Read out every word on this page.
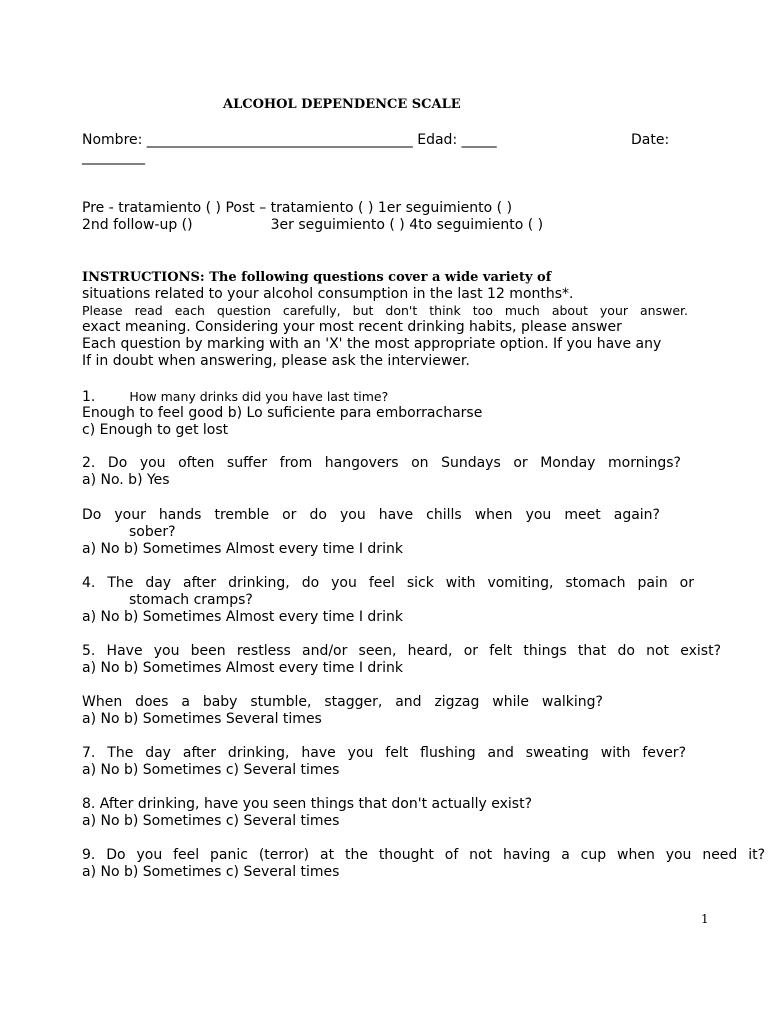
ALCOHOL DEPENDENCE SCALE
Nombre: ______________________________________ Edad: _____	Date:
_________
Pre - tratamiento ( ) Post – tratamiento ( ) 1er seguimiento ( )
2nd follow-up ()	3er seguimiento ( ) 4to seguimiento ( )
INSTRUCTIONS: The following questions cover a wide variety of
situations related to your alcohol consumption in the last 12 months*.
Please read each question carefully, but don't think too much about your answer.
exact meaning. Considering your most recent drinking habits, please answer
Each question by marking with an 'X' the most appropriate option. If you have any
If in doubt when answering, please ask the interviewer.
1.	How many drinks did you have last time?
Enough to feel good b) Lo suficiente para emborracharse
c) Enough to get lost
2. Do you often suffer from hangovers on Sundays or Monday mornings?
a) No. b) Yes
Do your hands tremble or do you have chills when you meet again?
sober?
a) No b) Sometimes Almost every time I drink
4. The day after drinking, do you feel sick with vomiting, stomach pain or
stomach cramps?
a) No b) Sometimes Almost every time I drink
5. Have you been restless and/or seen, heard, or felt things that do not exist?
a) No b) Sometimes Almost every time I drink
When does a baby stumble, stagger, and zigzag while walking?
a) No b) Sometimes Several times
7. The day after drinking, have you felt flushing and sweating with fever?
a) No b) Sometimes c) Several times
8. After drinking, have you seen things that don't actually exist?
a) No b) Sometimes c) Several times
9. Do you feel panic (terror) at the thought of not having a cup when you need it?
a) No b) Sometimes c) Several times
1
